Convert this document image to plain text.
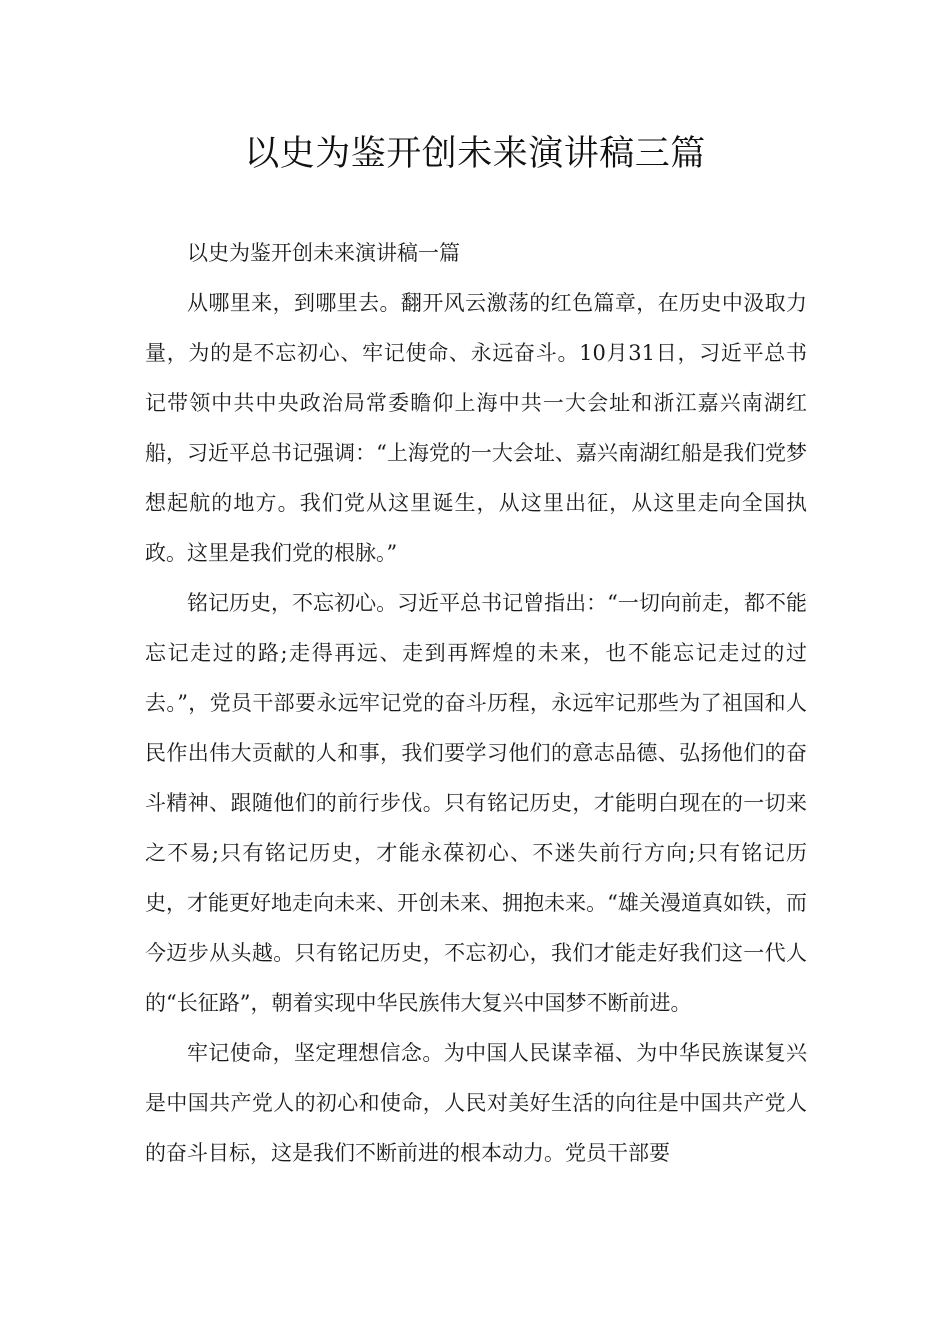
以史为鉴开创未来演讲稿三篇

以史为鉴开创未来演讲稿一篇

从哪里来，到哪里去。翻开风云激荡的红色篇章，在历史中汲取力量，为的是不忘初心、牢记使命、永远奋斗。10月31日，习近平总书记带领中共中央政治局常委瞻仰上海中共一大会址和浙江嘉兴南湖红船，习近平总书记强调：“上海党的一大会址、嘉兴南湖红船是我们党梦想起航的地方。我们党从这里诞生，从这里出征，从这里走向全国执政。这里是我们党的根脉。”

铭记历史，不忘初心。习近平总书记曾指出：“一切向前走，都不能忘记走过的路;走得再远、走到再辉煌的未来，也不能忘记走过的过去。”，党员干部要永远牢记党的奋斗历程，永远牢记那些为了祖国和人民作出伟大贡献的人和事，我们要学习他们的意志品德、弘扬他们的奋斗精神、跟随他们的前行步伐。只有铭记历史，才能明白现在的一切来之不易;只有铭记历史，才能永葆初心、不迷失前行方向;只有铭记历史，才能更好地走向未来、开创未来、拥抱未来。“雄关漫道真如铁，而今迈步从头越。只有铭记历史，不忘初心，我们才能走好我们这一代人的“长征路”，朝着实现中华民族伟大复兴中国梦不断前进。

牢记使命，坚定理想信念。为中国人民谋幸福、为中华民族谋复兴是中国共产党人的初心和使命，人民对美好生活的向往是中国共产党人的奋斗目标，这是我们不断前进的根本动力。党员干部要
